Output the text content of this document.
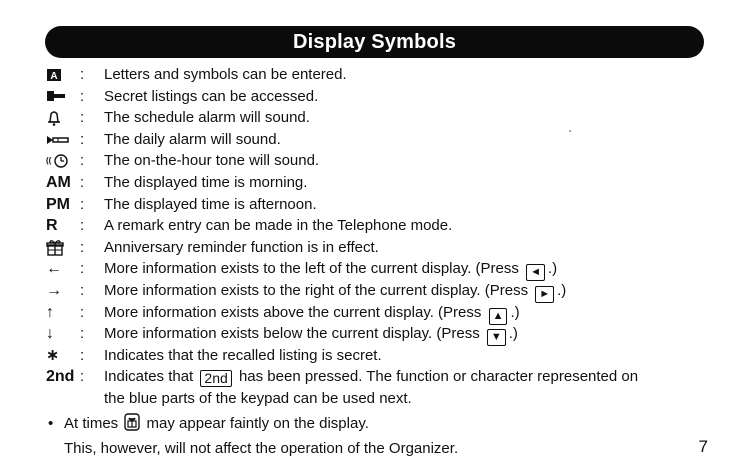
Display Symbols
A :	Letters and symbols can be entered.
:	Secret listings can be accessed.
:	The schedule alarm will sound.
:	The daily alarm will sound.
(( :	The on-the-hour tone will sound.
AM :	The displayed time is morning.
PM :	The displayed time is afternoon.
R	:	A remark entry can be made in the Telephone mode.
:	Anniversary reminder function is in effect.
←	:	More information exists to the left of the current display. (Press ◄ .)
→	:	More information exists to the right of the current display. (Press ► .)
↑	:	More information exists above the current display. (Press ▲ .)
↓	:	More information exists below the current display. (Press ▼ .)
∗	:	Indicates that the recalled listing is secret.
2nd :	Indicates that 2nd has been pressed. The function or character represented on
the blue parts of the keypad can be used next.
• At times may appear faintly on the display.
This, however, will not affect the operation of the Organizer.	7
